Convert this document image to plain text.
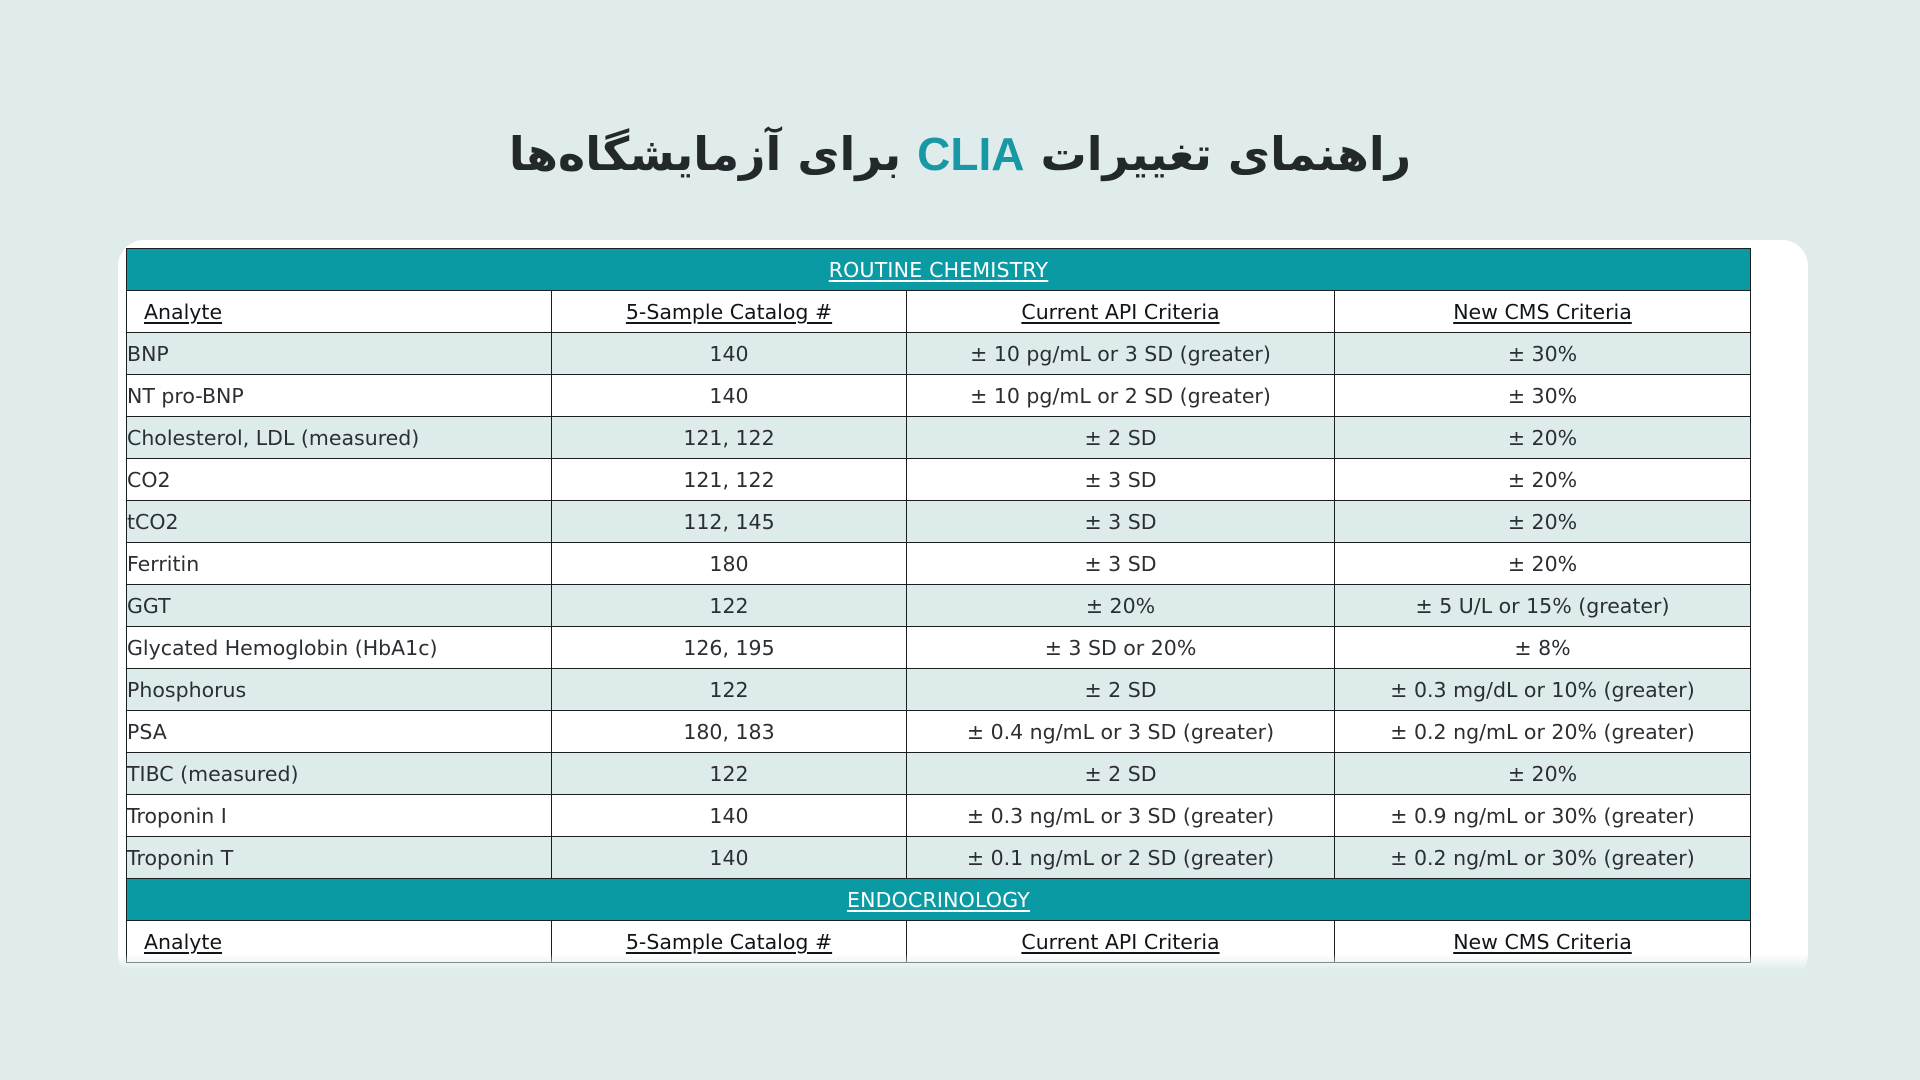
راهنمای تغییرات CLIA برای آزمایشگاه‌ها
ROUTINE CHEMISTRY			
Analyte	5-Sample Catalog #	Current API Criteria	New CMS Criteria
BNP	140	± 10 pg/mL or 3 SD (greater)	± 30%
NT pro-BNP	140	± 10 pg/mL or 2 SD (greater)	± 30%
Cholesterol, LDL (measured)	121, 122	± 2 SD	± 20%
CO2	121, 122	± 3 SD	± 20%
tCO2	112, 145	± 3 SD	± 20%
Ferritin	180	± 3 SD	± 20%
GGT	122	± 20%	± 5 U/L or 15% (greater)
Glycated Hemoglobin (HbA1c)	126, 195	± 3 SD or 20%	± 8%
Phosphorus	122	± 2 SD	± 0.3 mg/dL or 10% (greater)
PSA	180, 183	± 0.4 ng/mL or 3 SD (greater)	± 0.2 ng/mL or 20% (greater)
TIBC (measured)	122	± 2 SD	± 20%
Troponin I	140	± 0.3 ng/mL or 3 SD (greater)	± 0.9 ng/mL or 30% (greater)
Troponin T	140	± 0.1 ng/mL or 2 SD (greater)	± 0.2 ng/mL or 30% (greater)
ENDOCRINOLOGY			
Analyte	5-Sample Catalog #	Current API Criteria	New CMS Criteria
